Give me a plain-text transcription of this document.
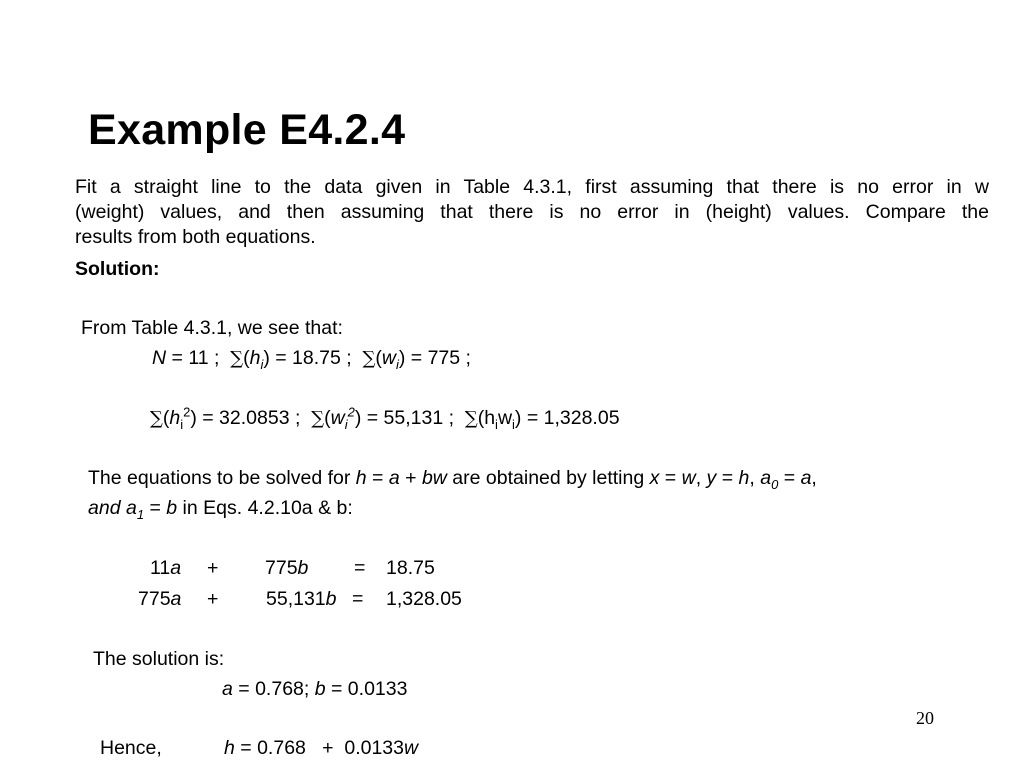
Example E4.2.4
Fit a straight line to the data given in Table 4.3.1, first assuming that there is no error in w
(weight) values, and then assuming that there is no error in (height) values. Compare the
results from both equations.
Solution:
From Table 4.3.1, we see that:
N = 11 ;  $\sum(h_i) = 18.75$ ;  $\sum(w_i) = 775$ ;
$\sum(h_i^2) = 32.0853$ ;  $\sum(w_i^2) = 55,131$ ;  $\sum(h_iw_i) = 1,328.05$
The equations to be solved for h = a + bw are obtained by letting x = w, y = h, $a_0 = a$,
and $a_1 = b$ in Eqs. 4.2.10a & b:
11a + 775b = 18.75
775a + 55,131b = 1,328.05
The solution is:
a = 0.768; b = 0.0133
20
Hence,	h = 0.768   +  0.0133w
